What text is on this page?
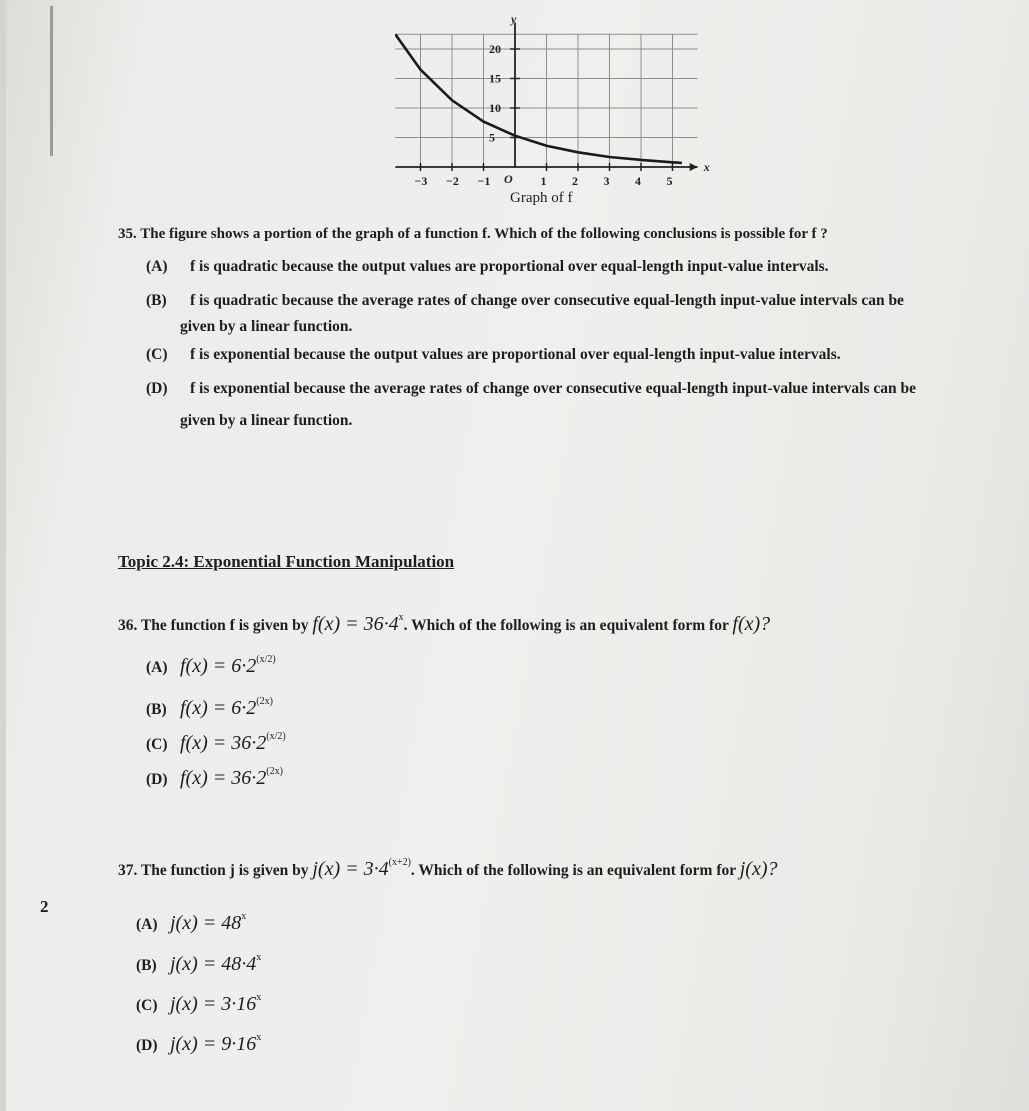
−3 −2 −1	1 2 3 4 5
20
15
10
5
y
x
O
Graph of f
35. The figure shows a portion of the graph of a function f. Which of the following conclusions is possible for f ?
(A) f is quadratic because the output values are proportional over equal-length input-value intervals.
(B) f is quadratic because the average rates of change over consecutive equal-length input-value intervals can be
given by a linear function.
(C) f is exponential because the output values are proportional over equal-length input-value intervals.
(D) f is exponential because the average rates of change over consecutive equal-length input-value intervals can be
given by a linear function.
Topic 2.4: Exponential Function Manipulation
36. The function f is given by $f(x) = 36\cdot 4^x$. Which of the following is an equivalent form for f(x)?
(A) $f(x) = 6\cdot 2^{(x/2)}$
(B) $f(x) = 6\cdot 2^{(2x)}$
(C) $f(x) = 36\cdot 2^{(x/2)}$
(D) $f(x) = 36\cdot 2^{(2x)}$
37. The function j is given by $j(x) = 3\cdot 4^{(x+2)}$. Which of the following is an equivalent form for j(x)?
2
(A) $j(x) = 48^x$
(B) $j(x) = 48\cdot 4^x$
(C) $j(x) = 3\cdot 16^x$
(D) $j(x) = 9\cdot 16^x$
